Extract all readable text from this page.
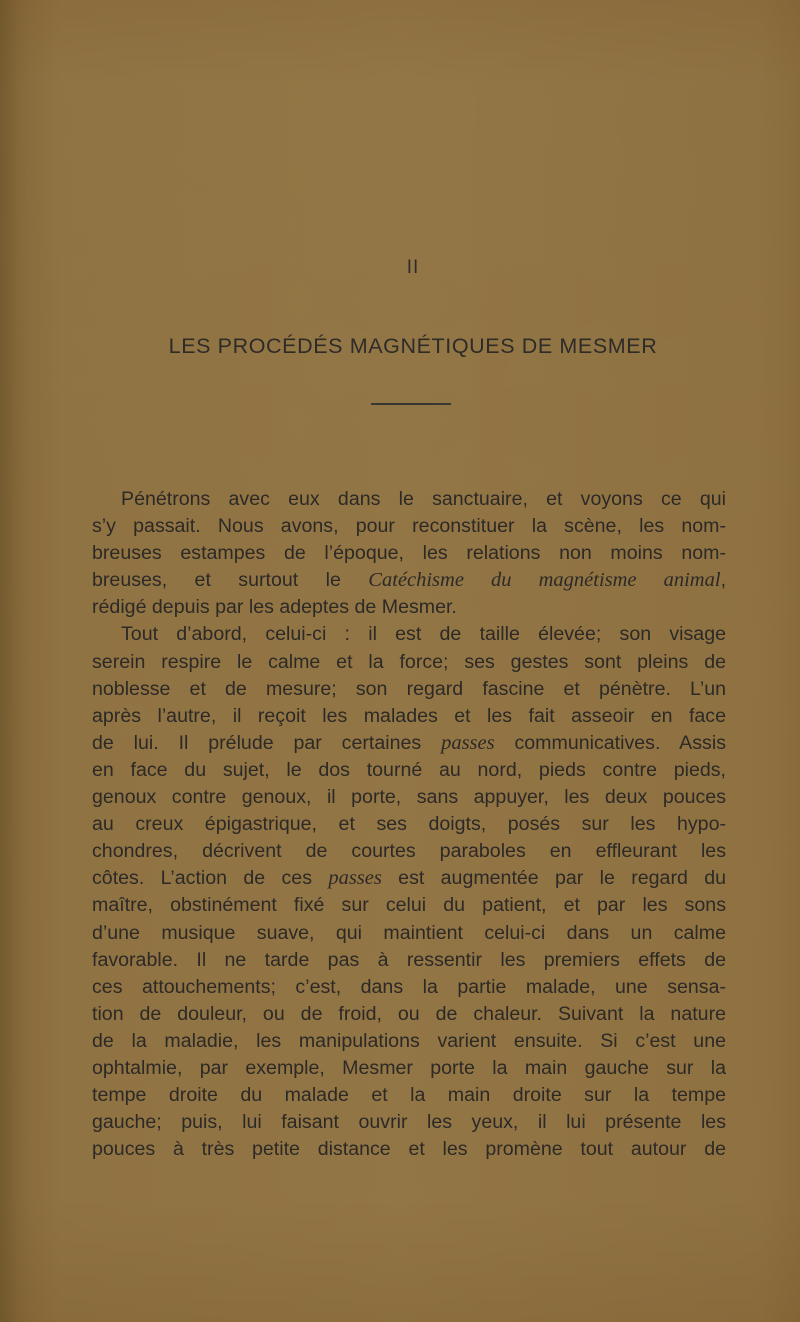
II
LES PROCÉDÉS MAGNÉTIQUES DE MESMER
Pénétrons avec eux dans le sanctuaire, et voyons ce qui
s’y passait. Nous avons, pour reconstituer la scène, les nom-
breuses estampes de l’époque, les relations non moins nom-
breuses, et surtout le Catéchisme du magnétisme animal,
rédigé depuis par les adeptes de Mesmer.
Tout d’abord, celui-ci : il est de taille élevée; son visage
serein respire le calme et la force; ses gestes sont pleins de
noblesse et de mesure; son regard fascine et pénètre. L’un
après l’autre, il reçoit les malades et les fait asseoir en face
de lui. Il prélude par certaines passes communicatives. Assis
en face du sujet, le dos tourné au nord, pieds contre pieds,
genoux contre genoux, il porte, sans appuyer, les deux pouces
au creux épigastrique, et ses doigts, posés sur les hypo-
chondres, décrivent de courtes paraboles en effleurant les
côtes. L’action de ces passes est augmentée par le regard du
maître, obstinément fixé sur celui du patient, et par les sons
d’une musique suave, qui maintient celui-ci dans un calme
favorable. Il ne tarde pas à ressentir les premiers effets de
ces attouchements; c’est, dans la partie malade, une sensa-
tion de douleur, ou de froid, ou de chaleur. Suivant la nature
de la maladie, les manipulations varient ensuite. Si c’est une
ophtalmie, par exemple, Mesmer porte la main gauche sur la
tempe droite du malade et la main droite sur la tempe
gauche; puis, lui faisant ouvrir les yeux, il lui présente les
pouces à très petite distance et les promène tout autour de
